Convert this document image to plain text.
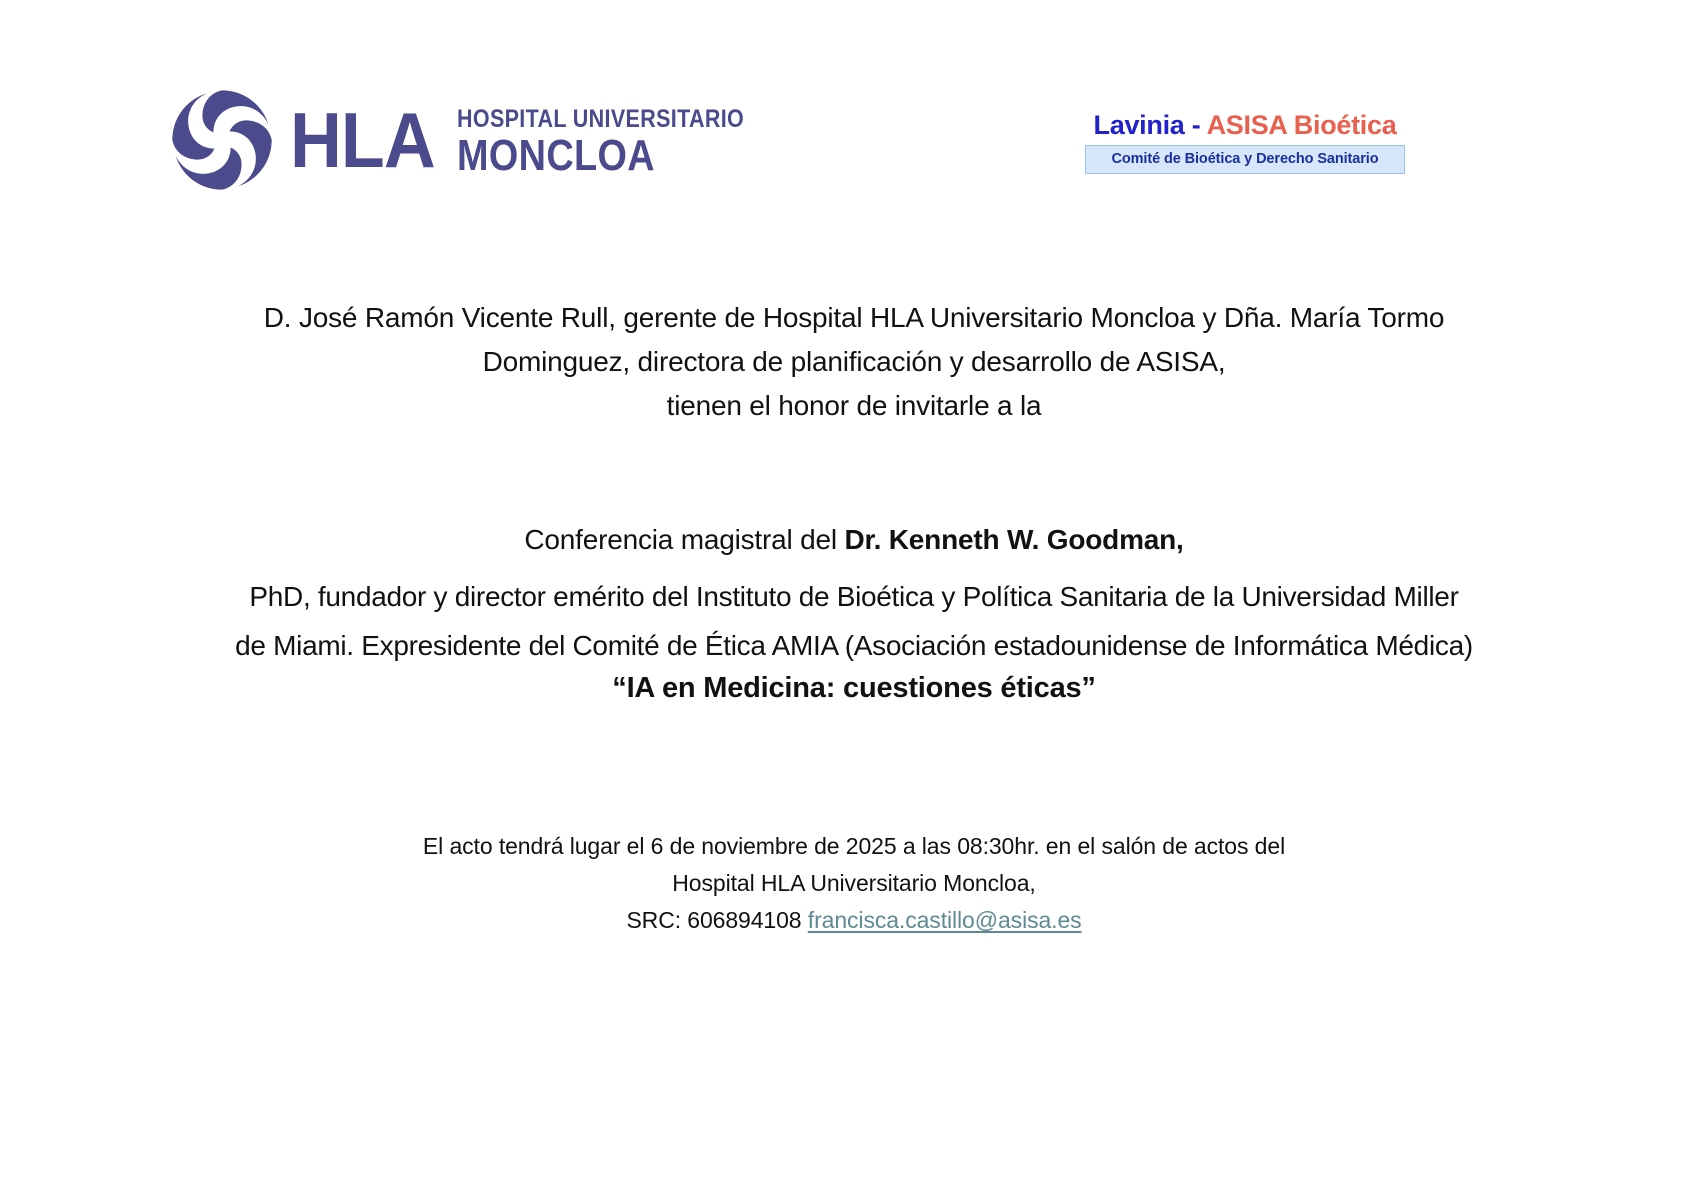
HLA HOSPITAL UNIVERSITARIO
MONCLOA
Lavinia - ASISA Bioética
Comité de Bioética y Derecho Sanitario
D. José Ramón Vicente Rull, gerente de Hospital HLA Universitario Moncloa y Dña. María Tormo
Dominguez, directora de planificación y desarrollo de ASISA,
tienen el honor de invitarle a la
Conferencia magistral del Dr. Kenneth W. Goodman,
PhD, fundador y director emérito del Instituto de Bioética y Política Sanitaria de la Universidad Miller
de Miami. Expresidente del Comité de Ética AMIA (Asociación estadounidense de Informática Médica)
“IA en Medicina: cuestiones éticas”
El acto tendrá lugar el 6 de noviembre de 2025 a las 08:30hr. en el salón de actos del
Hospital HLA Universitario Moncloa,
SRC: 606894108 francisca.castillo@asisa.es
